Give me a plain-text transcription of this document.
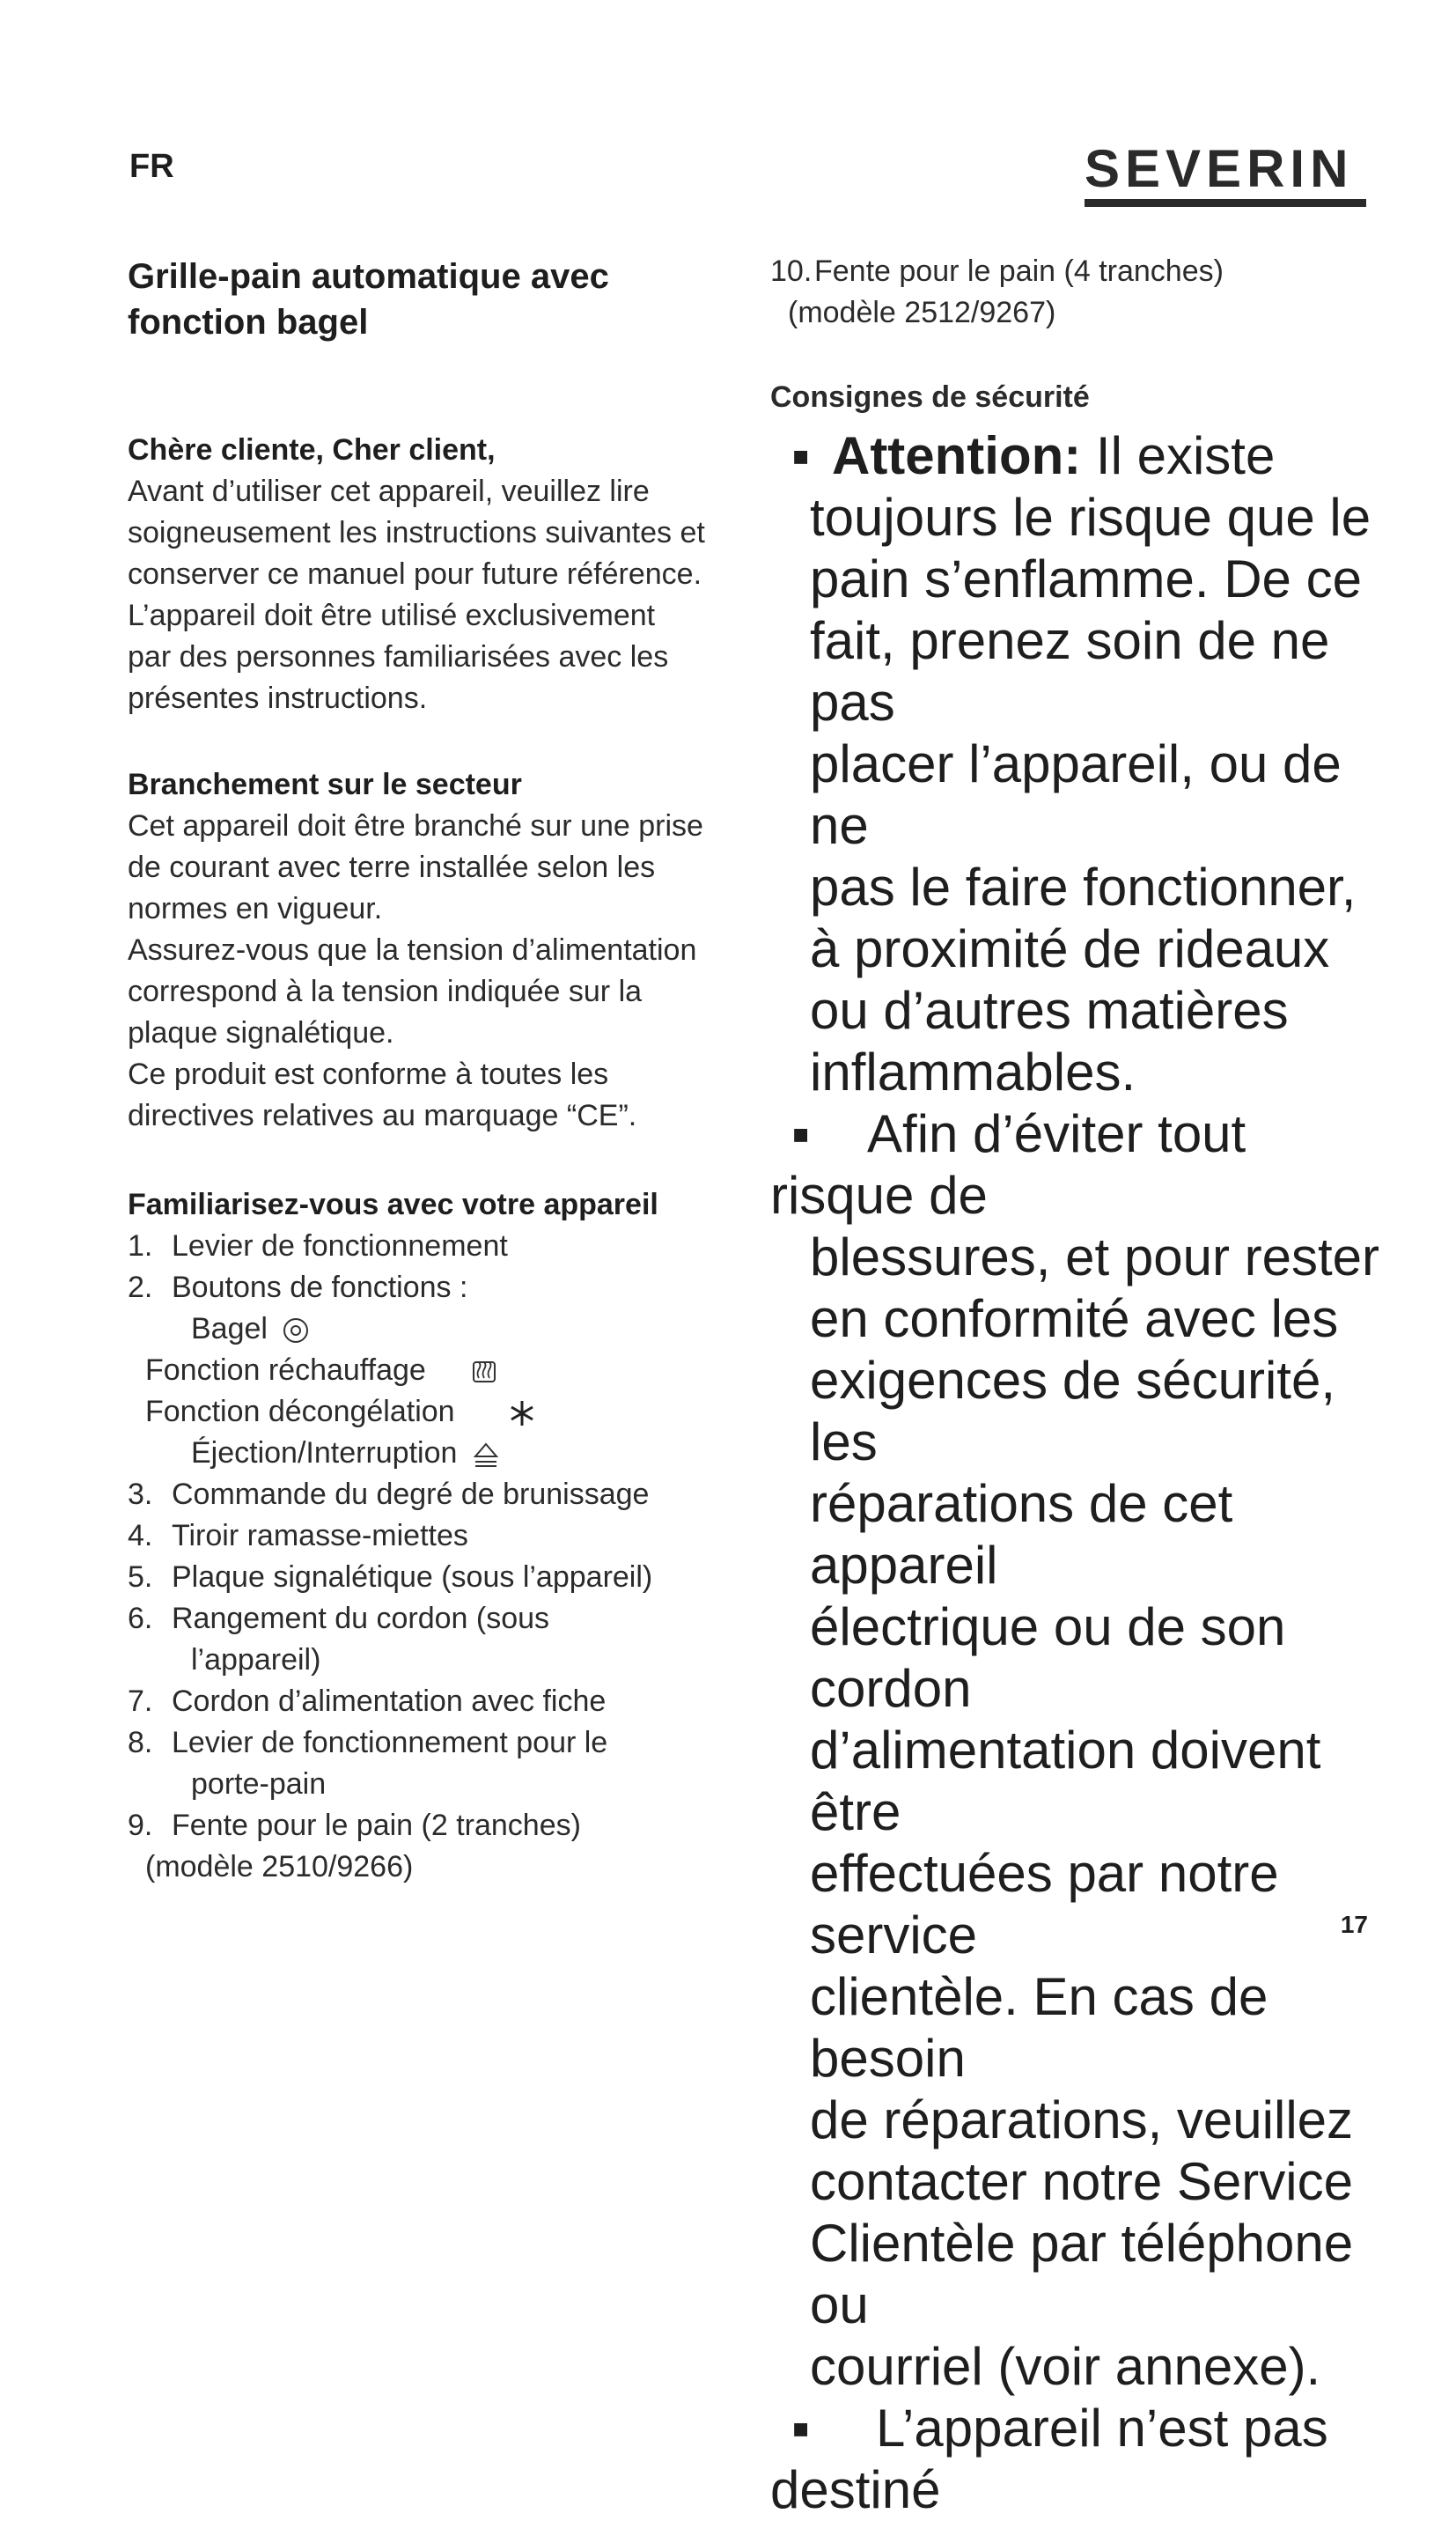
FR	SEVERIN
Grille-pain automatique avec
fonction bagel
Chère cliente, Cher client,
Avant d’utiliser cet appareil, veuillez lire
soigneusement les instructions suivantes et
conserver ce manuel pour future référence.
L’appareil doit être utilisé exclusivement
par des personnes familiarisées avec les
présentes instructions.
Branchement sur le secteur
Cet appareil doit être branché sur une prise
de courant avec terre installée selon les
normes en vigueur.
Assurez-vous que la tension d’alimentation
correspond à la tension indiquée sur la
plaque signalétique.
Ce produit est conforme à toutes les
directives relatives au marquage “CE”.
Familiarisez-vous avec votre appareil
1. Levier de fonctionnement
2. Boutons de fonctions :
Bagel
Fonction réchauffage
Fonction décongélation
Éjection/Interruption
3. Commande du degré de brunissage
4. Tiroir ramasse-miettes
5. Plaque signalétique (sous l’appareil)
6. Rangement du cordon (sous
l’appareil)
7. Cordon d’alimentation avec fiche
8. Levier de fonctionnement pour le
porte-pain
9. Fente pour le pain (2 tranches)
(modèle 2510/9266)
10.Fente pour le pain (4 tranches)
(modèle 2512/9267)
Consignes de sécurité
▪ Attention: Il existe
toujours le risque que le
pain s’enflamme. De ce
fait, prenez soin de ne pas
placer l’appareil, ou de ne
pas le faire fonctionner,
à proximité de rideaux
ou d’autres matières
inflammables.
▪ Afin d’éviter tout risque de
blessures, et pour rester
en conformité avec les
exigences de sécurité, les
réparations de cet appareil
électrique ou de son cordon
d’alimentation doivent être
effectuées par notre service
clientèle. En cas de besoin
de réparations, veuillez
contacter notre Service
Clientèle par téléphone ou
courriel (voir annexe).
▪ L’appareil n’est pas destiné
17
